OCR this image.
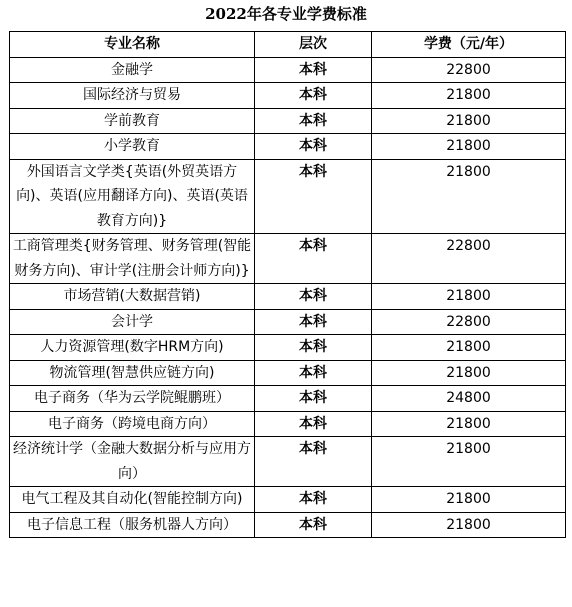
2022年各专业学费标准
专业名称	层次	学费（元/年）
金融学	本科	22800
国际经济与贸易	本科	21800
学前教育	本科	21800
小学教育	本科	21800
外国语言文学类{英语(外贸英语方向)、英语(应用翻译方向)、英语(英语教育方向)}	本科	21800
工商管理类{财务管理、财务管理(智能财务方向)、审计学(注册会计师方向)}	本科	22800
市场营销(大数据营销)	本科	21800
会计学	本科	22800
人力资源管理(数字HRM方向)	本科	21800
物流管理(智慧供应链方向)	本科	21800
电子商务（华为云学院鲲鹏班）	本科	24800
电子商务（跨境电商方向）	本科	21800
经济统计学（金融大数据分析与应用方向）	本科	21800
电气工程及其自动化(智能控制方向)	本科	21800
电子信息工程（服务机器人方向）	本科	21800
